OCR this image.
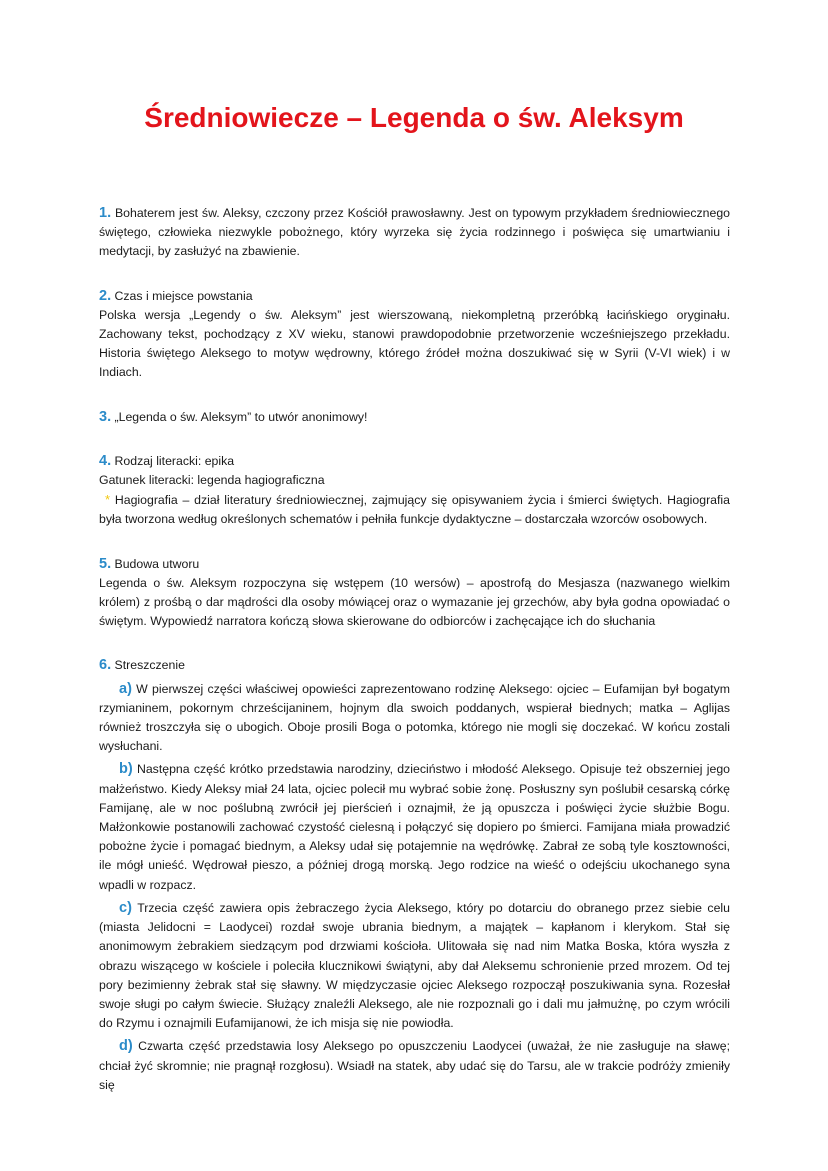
Średniowiecze – Legenda o św. Aleksym

1. Bohaterem jest św. Aleksy, czczony przez Kościół prawosławny. Jest on typowym przykładem średniowiecznego świętego, człowieka niezwykle pobożnego, który wyrzeka się życia rodzinnego i poświęca się umartwianiu i medytacji, by zasłużyć na zbawienie.

2. Czas i miejsce powstania

Polska wersja „Legendy o św. Aleksym” jest wierszowaną, niekompletną przeróbką łacińskiego oryginału. Zachowany tekst, pochodzący z XV wieku, stanowi prawdopodobnie przetworzenie wcześniejszego przekładu. Historia świętego Aleksego to motyw wędrowny, którego źródeł można doszukiwać się w Syrii (V-VI wiek) i w Indiach.

3. „Legenda o św. Aleksym” to utwór anonimowy!

4. Rodzaj literacki: epika

Gatunek literacki: legenda hagiograficzna

* Hagiografia – dział literatury średniowiecznej, zajmujący się opisywaniem życia i śmierci świętych. Hagiografia była tworzona według określonych schematów i pełniła funkcje dydaktyczne – dostarczała wzorców osobowych.

5. Budowa utworu

Legenda o św. Aleksym rozpoczyna się wstępem (10 wersów) – apostrofą do Mesjasza (nazwanego wielkim królem) z prośbą o dar mądrości dla osoby mówiącej oraz o wymazanie jej grzechów, aby była godna opowiadać o świętym. Wypowiedź narratora kończą słowa skierowane do odbiorców i zachęcające ich do słuchania

6. Streszczenie

a) W pierwszej części właściwej opowieści zaprezentowano rodzinę Aleksego: ojciec – Eufamijan był bogatym rzymianinem, pokornym chrześcijaninem, hojnym dla swoich poddanych, wspierał biednych; matka – Aglijas również troszczyła się o ubogich. Oboje prosili Boga o potomka, którego nie mogli się doczekać. W końcu zostali wysłuchani.

b) Następna część krótko przedstawia narodziny, dzieciństwo i młodość Aleksego. Opisuje też obszerniej jego małżeństwo. Kiedy Aleksy miał 24 lata, ojciec polecił mu wybrać sobie żonę. Posłuszny syn poślubił cesarską córkę Famijanę, ale w noc poślubną zwrócił jej pierścień i oznajmił, że ją opuszcza i poświęci życie służbie Bogu. Małżonkowie postanowili zachować czystość cielesną i połączyć się dopiero po śmierci. Famijana miała prowadzić pobożne życie i pomagać biednym, a Aleksy udał się potajemnie na wędrówkę. Zabrał ze sobą tyle kosztowności, ile mógł unieść. Wędrował pieszo, a później drogą morską. Jego rodzice na wieść o odejściu ukochanego syna wpadli w rozpacz.

c) Trzecia część zawiera opis żebraczego życia Aleksego, który po dotarciu do obranego przez siebie celu (miasta Jelidocni = Laodycei) rozdał swoje ubrania biednym, a majątek – kapłanom i klerykom. Stał się anonimowym żebrakiem siedzącym pod drzwiami kościoła. Ulitowała się nad nim Matka Boska, która wyszła z obrazu wiszącego w kościele i poleciła klucznikowi świątyni, aby dał Aleksemu schronienie przed mrozem. Od tej pory bezimienny żebrak stał się sławny. W międzyczasie ojciec Aleksego rozpoczął poszukiwania syna. Rozesłał swoje sługi po całym świecie. Służący znaleźli Aleksego, ale nie rozpoznali go i dali mu jałmużnę, po czym wrócili do Rzymu i oznajmili Eufamijanowi, że ich misja się nie powiodła.

d) Czwarta część przedstawia losy Aleksego po opuszczeniu Laodycei (uważał, że nie zasługuje na sławę; chciał żyć skromnie; nie pragnął rozgłosu). Wsiadł na statek, aby udać się do Tarsu, ale w trakcie podróży zmieniły się
